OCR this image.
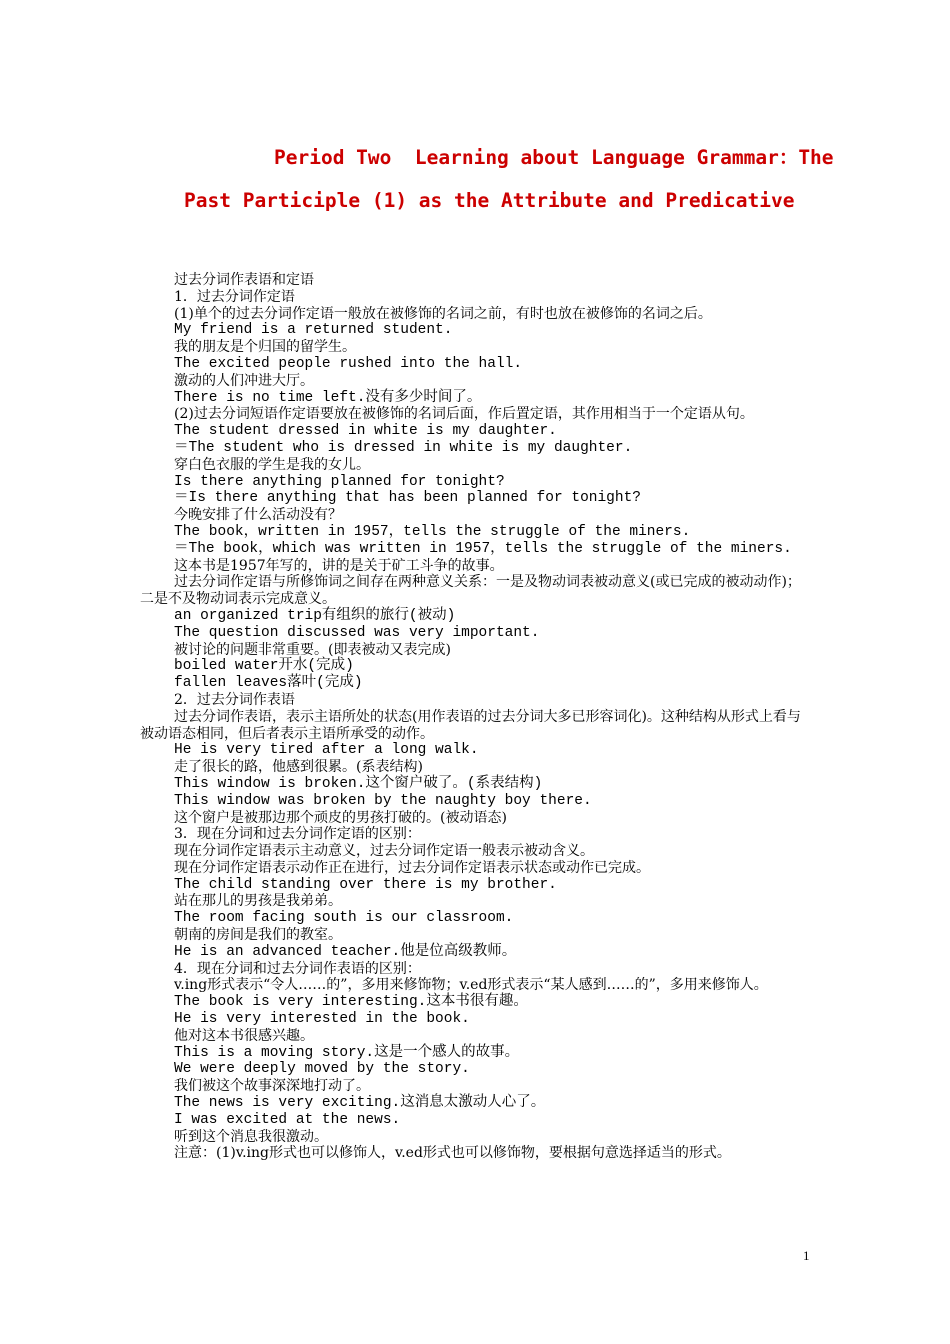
Period Two  Learning about Language Grammar：The

Past Participle (1) as the Attribute and Predicative

过去分词作表语和定语

1．过去分词作定语

(1)单个的过去分词作定语一般放在被修饰的名词之前，有时也放在被修饰的名词之后。

My friend is a returned student.

我的朋友是个归国的留学生。

The excited people rushed into the hall.

激动的人们冲进大厅。

There is no time left.没有多少时间了。

(2)过去分词短语作定语要放在被修饰的名词后面，作后置定语，其作用相当于一个定语从句。

The student dressed in white is my daughter.

＝The student who is dressed in white is my daughter.

穿白色衣服的学生是我的女儿。

Is there anything planned for tonight?

＝Is there anything that has been planned for tonight?

今晚安排了什么活动没有？

The book，written in 1957，tells the struggle of the miners.

＝The book，which was written in 1957，tells the struggle of the miners.

这本书是1957年写的，讲的是关于矿工斗争的故事。

过去分词作定语与所修饰词之间存在两种意义关系：一是及物动词表被动意义(或已完成的被动动作)；二是不及物动词表示完成意义。

an organized trip有组织的旅行(被动)

The question discussed was very important.

被讨论的问题非常重要。(即表被动又表完成)

boiled water开水(完成)

fallen leaves落叶(完成)

2．过去分词作表语

过去分词作表语，表示主语所处的状态(用作表语的过去分词大多已形容词化)。这种结构从形式上看与被动语态相同，但后者表示主语所承受的动作。

He is very tired after a long walk.

走了很长的路，他感到很累。(系表结构)

This window is broken.这个窗户破了。(系表结构)

This window was broken by the naughty boy there.

这个窗户是被那边那个顽皮的男孩打破的。(被动语态)

3．现在分词和过去分词作定语的区别：

现在分词作定语表示主动意义，过去分词作定语一般表示被动含义。

现在分词作定语表示动作正在进行，过去分词作定语表示状态或动作已完成。

The child standing over there is my brother.

站在那儿的男孩是我弟弟。

The room facing south is our classroom.

朝南的房间是我们的教室。

He is an advanced teacher.他是位高级教师。

4．现在分词和过去分词作表语的区别：

v.ing形式表示“令人……的”，多用来修饰物；v.ed形式表示“某人感到……的”，多用来修饰人。

The book is very interesting.这本书很有趣。

He is very interested in the book.

他对这本书很感兴趣。

This is a moving story.这是一个感人的故事。

We were deeply moved by the story.

我们被这个故事深深地打动了。

The news is very exciting.这消息太激动人心了。

I was excited at the news.

听到这个消息我很激动。

注意：(1)v.ing形式也可以修饰人，v.ed形式也可以修饰物，要根据句意选择适当的形式。

1
